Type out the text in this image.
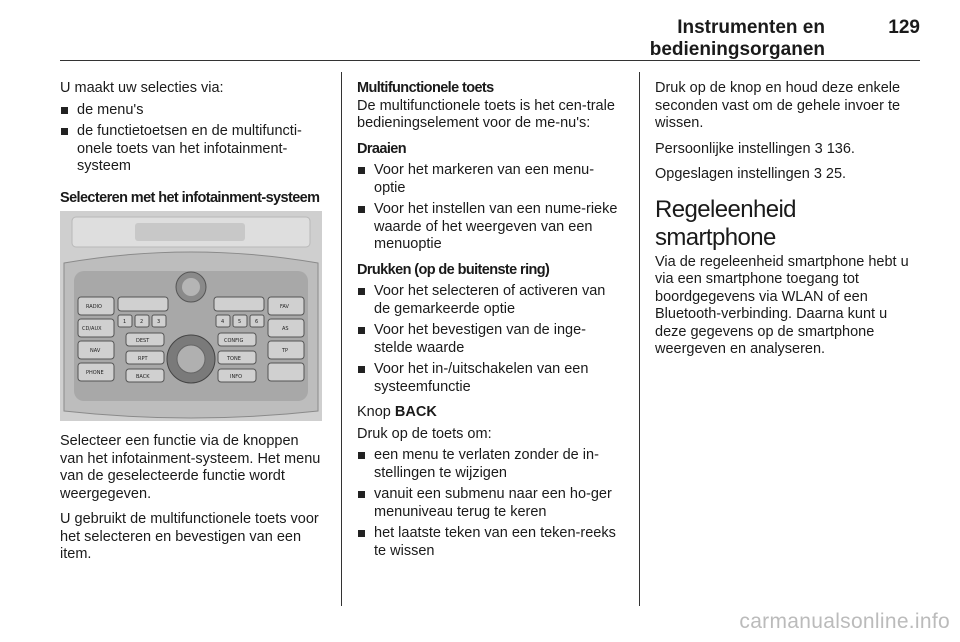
Instrumenten en bedieningsorganen
129

U maakt uw selecties via:

de menu's
de functietoetsen en de multifuncti-onele toets van het infotainment-systeem

Selecteren met het infotainment-systeem

RADIO
CD/AUX
NAV
PHONE
FAV
AS
TP
1	2	3	4	5	6
DEST	CONFIG
RPT	TONE
BACK	INFO

Selecteer een functie via de knoppen van het infotainment-systeem. Het menu van de geselecteerde functie wordt weergegeven.

U gebruikt de multifunctionele toets voor het selecteren en bevestigen van een item.

Multifunctionele toets

De multifunctionele toets is het cen-trale bedieningselement voor de me-nu's:

Draaien

Voor het markeren van een menu-optie
Voor het instellen van een nume-rieke waarde of het weergeven van een menuoptie

Drukken (op de buitenste ring)

Voor het selecteren of activeren van de gemarkeerde optie
Voor het bevestigen van de inge-stelde waarde
Voor het in-/uitschakelen van een systeemfunctie

Knop BACK

Druk op de toets om:

een menu te verlaten zonder de in-stellingen te wijzigen
vanuit een submenu naar een ho-ger menuniveau terug te keren
het laatste teken van een teken-reeks te wissen

Druk op de knop en houd deze enkele seconden vast om de gehele invoer te wissen.

Persoonlijke instellingen 3 136.

Opgeslagen instellingen 3 25.

Regeleenheid smartphone

Via de regeleenheid smartphone hebt u via een smartphone toegang tot boordgegevens via WLAN of een Bluetooth-verbinding. Daarna kunt u deze gegevens op de smartphone weergeven en analyseren.

carmanualsonline.info
